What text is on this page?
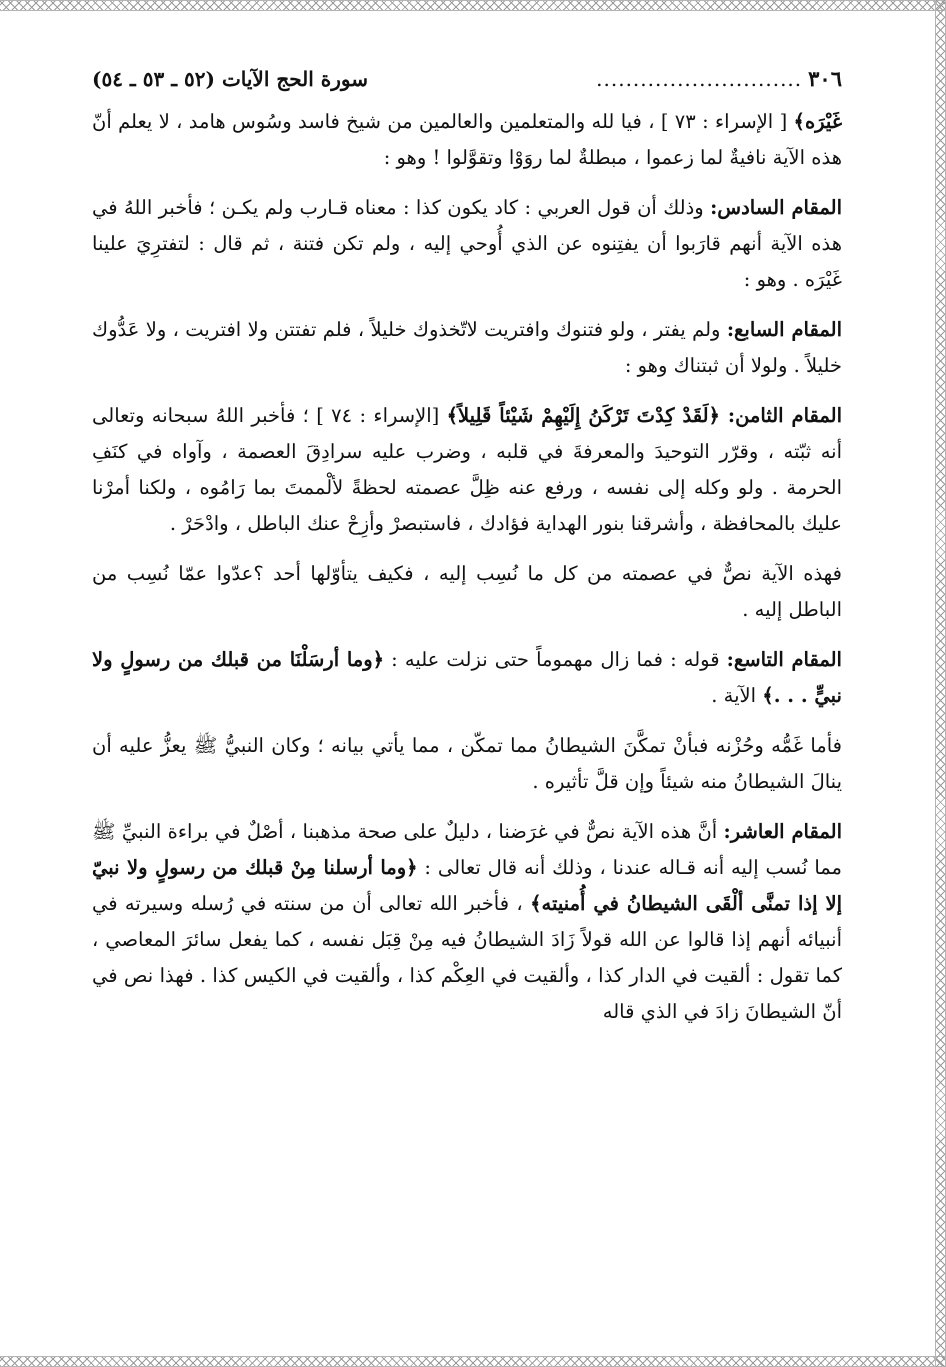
٣٠٦
............................
سورة الحج الآيات (٥٢ ـ ٥٣ ـ ٥٤)

غَيْرَه﴾ [ الإسراء : ٧٣ ] ، فيا لله والمتعلمين والعالمين من شيخ فاسد وسُوس هامد ، لا يعلم أنّ هذه الآية نافيةٌ لما زعموا ، مبطلةٌ لما روَوْا وتقوَّلوا ! وهو :

المقام السادس: وذلك أن قول العربي : كاد يكون كذا : معناه قـارب ولم يكـن ؛ فأخبر اللهُ في هذه الآية أنهم قارَبوا أن يفتِنوه عن الذي أُوحي إليه ، ولم تكن فتنة ، ثم قال : لتفترِيَ علينا غَيْرَه . وهو :

المقام السابع: ولم يفتر ، ولو فتنوك وافتريت لاتّخذوك خليلاً ، فلم تفتتن ولا افتريت ، ولا عَدُّوك خليلاً . ولولا أن ثبتناك وهو :

المقام الثامن: ﴿لَقَدْ كِدْتَ تَرْكَنُ إِلَيْهِمْ شَيْئاً قَلِيلاً﴾ [الإسراء : ٧٤ ] ؛ فأخبر اللهُ سبحانه وتعالى أنه ثبّته ، وقرّر التوحيدَ والمعرفةَ في قلبه ، وضرب عليه سرادِقَ العصمة ، وآواه في كنَفِ الحرمة . ولو وكله إلى نفسه ، ورفع عنه ظِلَّ عصمته لحظةً لألْممتَ بما رَامُوه ، ولكنا أمرْنا عليك بالمحافظة ، وأشرقنا بنور الهداية فؤادك ، فاستبصرْ وأزِحْ عنك الباطل ، وادْحَرْ .

فهذه الآية نصٌّ في عصمته من كل ما نُسِب إليه ، فكيف يتأوّلها أحد ؟عدّوا عمّا نُسِب من الباطل إليه .

المقام التاسع: قوله : فما زال مهموماً حتى نزلت عليه : ﴿وما أرسَلْنَا من قبلك من رسولٍ ولا نبيٍّ . . .﴾ الآية .

فأما غَمُّه وحُزْنه فبأنْ تمكَّنَ الشيطانُ مما تمكّن ، مما يأتي بيانه ؛ وكان النبيُّ ﷺ يعزُّ عليه أن ينالَ الشيطانُ منه شيئاً وإن قلَّ تأثيره .

المقام العاشر: أنَّ هذه الآية نصٌّ في غرَضنا ، دليلٌ على صحة مذهبنا ، أصْلٌ في براءة النبيِّ ﷺ مما نُسب إليه أنه قـاله عندنا ، وذلك أنه قال تعالى : ﴿وما أرسلنا مِنْ قبلك من رسولٍ ولا نبيّ إلا إذا تمنَّى ألْقَى الشيطانُ في أُمنيته﴾ ، فأخبر الله تعالى أن من سنته في رُسله وسيرته في أنبيائه أنهم إذا قالوا عن الله قولاً زَادَ الشيطانُ فيه مِنْ قِبَل نفسه ، كما يفعل سائرَ المعاصي ، كما تقول : ألقيت في الدار كذا ، وألقيت في العِكْم كذا ، وألقيت في الكيس كذا . فهذا نص في أنّ الشيطانَ زادَ في الذي قاله
